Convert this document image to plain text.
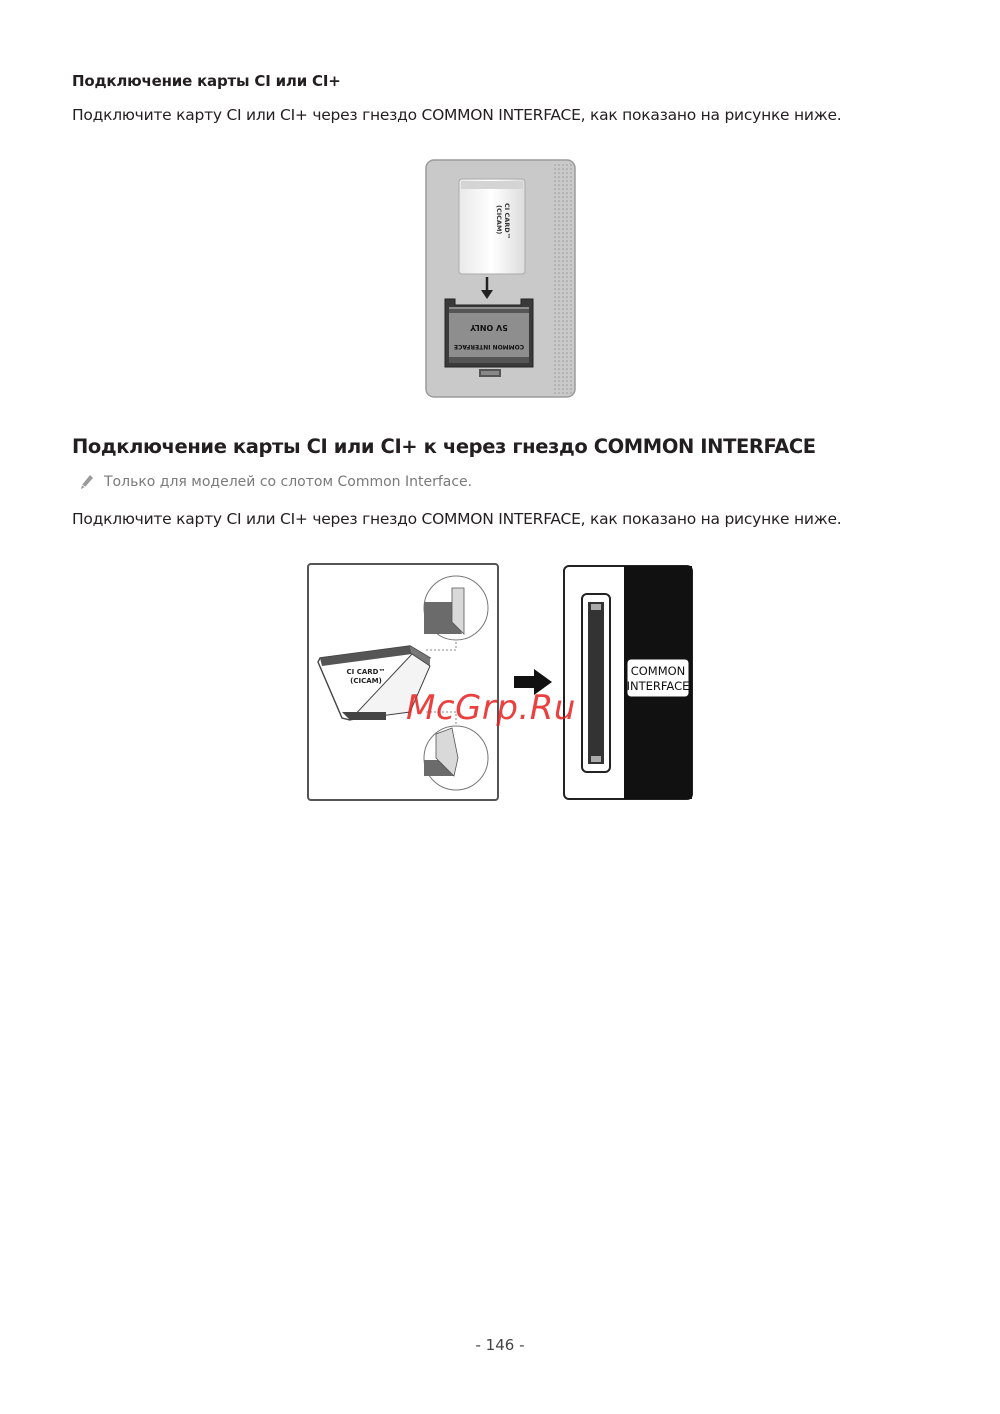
Подключение карты CI или CI+
Подключите карту CI или CI+ через гнездо COMMON INTERFACE, как показано на рисунке ниже.
CI CARD™
(CICAM)
5V ONLY
COMMON INTERFACE
Подключение карты CI или CI+ к через гнездо COMMON INTERFACE
Только для моделей со слотом Common Interface.
Подключите карту CI или CI+ через гнездо COMMON INTERFACE, как показано на рисунке ниже.
CI CARD™
(CICAM)
COMMON
INTERFACE
McGrp.Ru
- 146 -
